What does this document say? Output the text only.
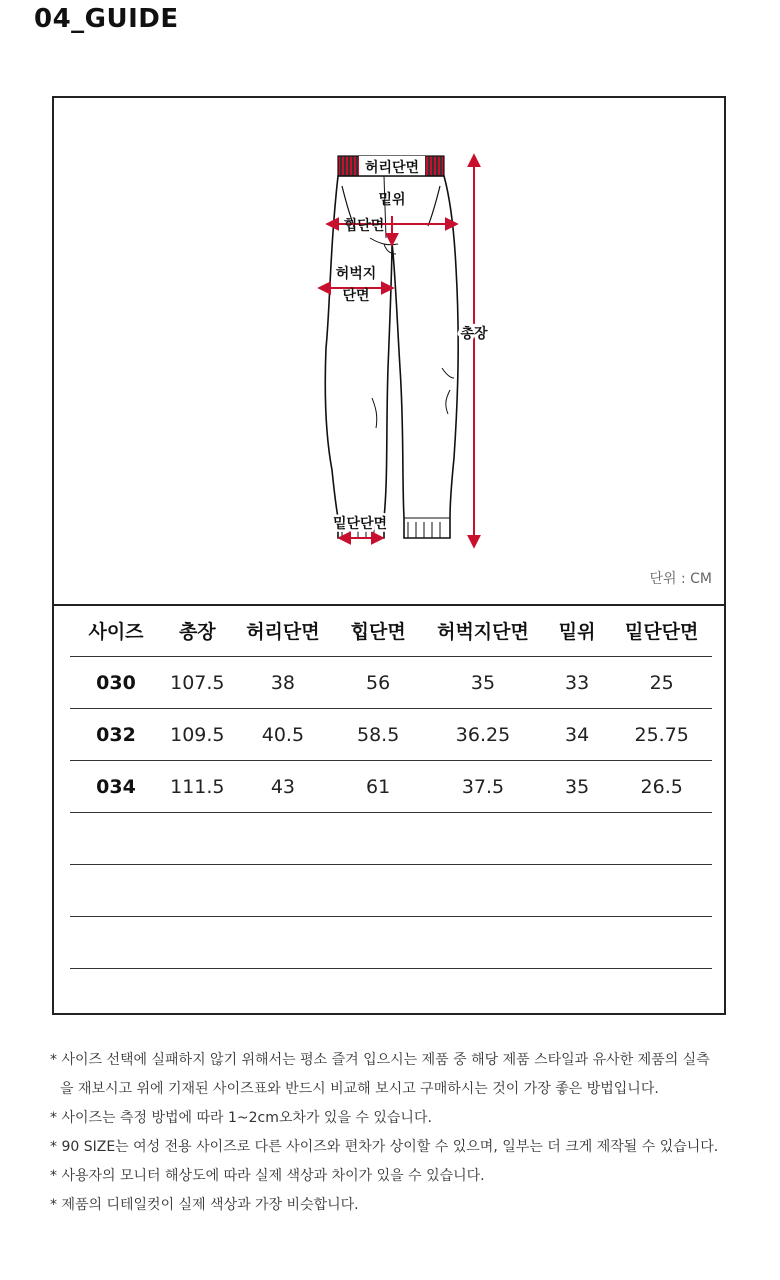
04_GUIDE
허리단면
밑위
힙단면
허벅지
단면
총장
밑단단면
단위 : CM
사이즈	총장	허리단면	힙단면	허벅지단면	밑위	밑단단면
030	107.5	38	56	35	33	25
032	109.5	40.5	58.5	36.25	34	25.75
034	111.5	43	61	37.5	35	26.5

* 사이즈 선택에 실패하지 않기 위해서는 평소 즐겨 입으시는 제품 중 해당 제품 스타일과 유사한 제품의 실측
을 재보시고 위에 기재된 사이즈표와 반드시 비교해 보시고 구매하시는 것이 가장 좋은 방법입니다.
* 사이즈는 측정 방법에 따라 1~2cm오차가 있을 수 있습니다.
* 90 SIZE는 여성 전용 사이즈로 다른 사이즈와 편차가 상이할 수 있으며, 일부는 더 크게 제작될 수 있습니다.
* 사용자의 모니터 해상도에 따라 실제 색상과 차이가 있을 수 있습니다.
* 제품의 디테일컷이 실제 색상과 가장 비슷합니다.
